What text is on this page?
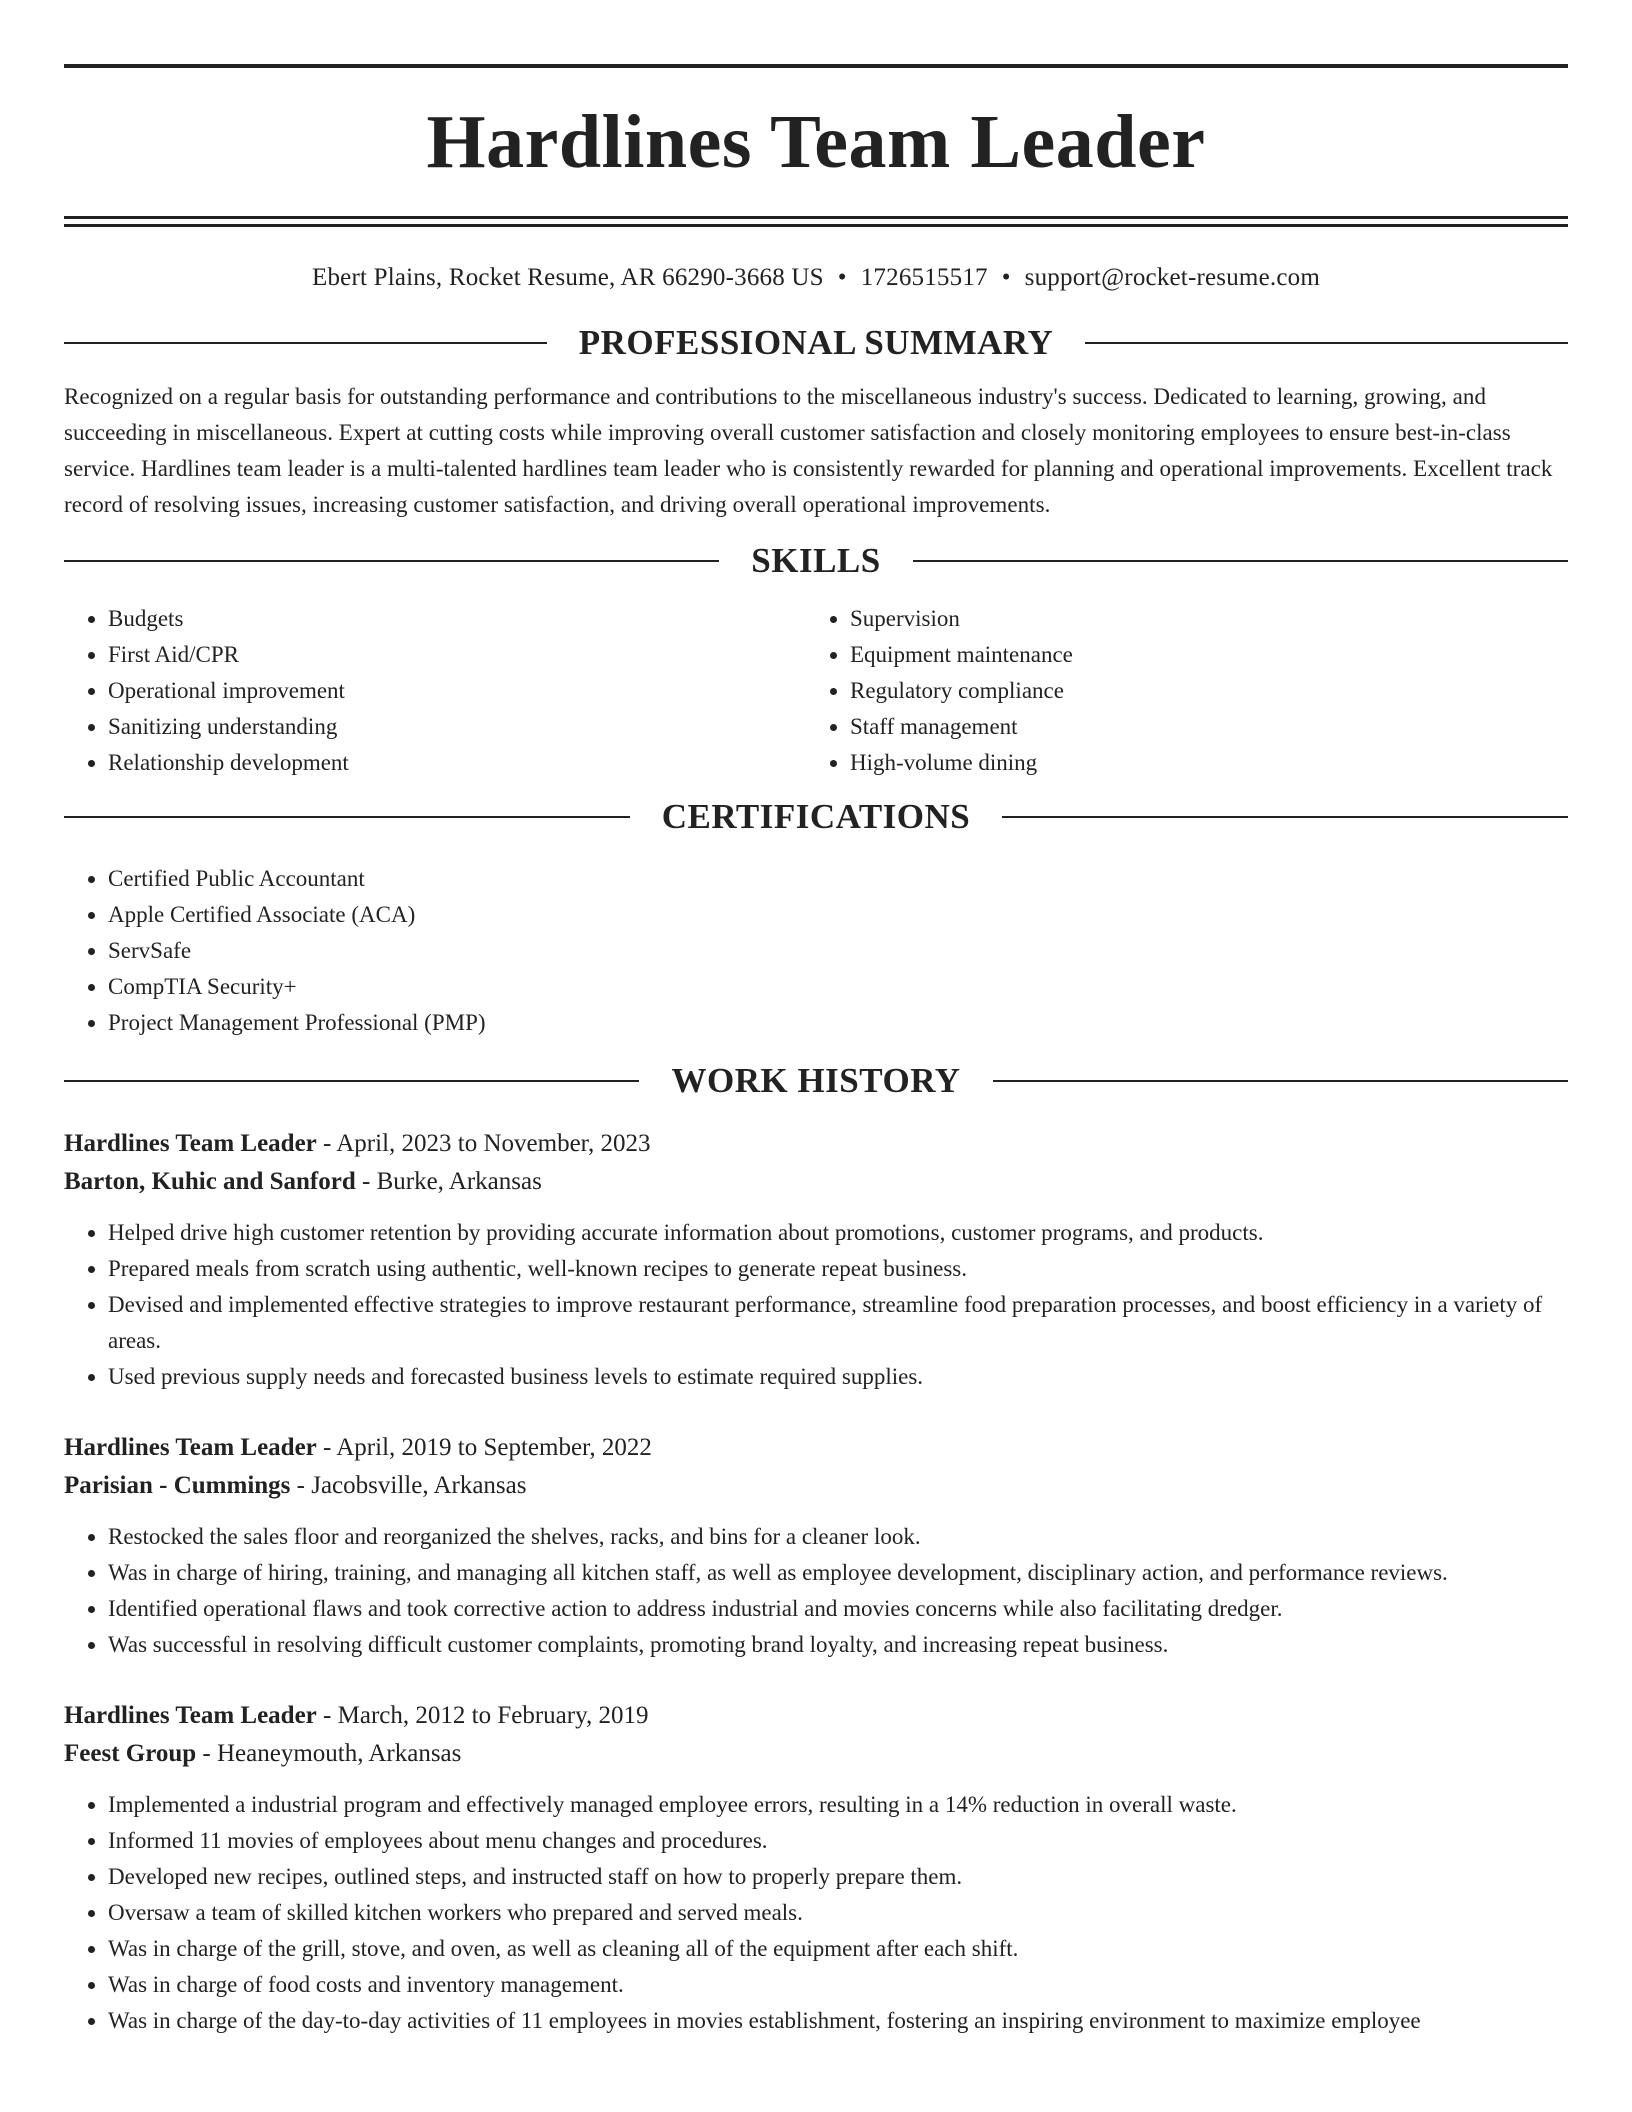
Hardlines Team Leader
Ebert Plains, Rocket Resume, AR 66290-3668 US • 1726515517 • support@rocket-resume.com
PROFESSIONAL SUMMARY

Recognized on a regular basis for outstanding performance and contributions to the miscellaneous industry's success. Dedicated to learning, growing, and succeeding in miscellaneous. Expert at cutting costs while improving overall customer satisfaction and closely monitoring employees to ensure best-in-class service. Hardlines team leader is a multi-talented hardlines team leader who is consistently rewarded for planning and operational improvements. Excellent track record of resolving issues, increasing customer satisfaction, and driving overall operational improvements.

SKILLS
• Budgets
• First Aid/CPR
• Operational improvement
• Sanitizing understanding
• Relationship development
• Supervision
• Equipment maintenance
• Regulatory compliance
• Staff management
• High-volume dining
CERTIFICATIONS
• Certified Public Accountant
• Apple Certified Associate (ACA)
• ServSafe
• CompTIA Security+
• Project Management Professional (PMP)
WORK HISTORY
Hardlines Team Leader - April, 2023 to November, 2023
Barton, Kuhic and Sanford - Burke, Arkansas
• Helped drive high customer retention by providing accurate information about promotions, customer programs, and products.
• Prepared meals from scratch using authentic, well-known recipes to generate repeat business.
• Devised and implemented effective strategies to improve restaurant performance, streamline food preparation processes, and boost efficiency in a variety of areas.
• Used previous supply needs and forecasted business levels to estimate required supplies.
Hardlines Team Leader - April, 2019 to September, 2022
Parisian - Cummings - Jacobsville, Arkansas
• Restocked the sales floor and reorganized the shelves, racks, and bins for a cleaner look.
• Was in charge of hiring, training, and managing all kitchen staff, as well as employee development, disciplinary action, and performance reviews.
• Identified operational flaws and took corrective action to address industrial and movies concerns while also facilitating dredger.
• Was successful in resolving difficult customer complaints, promoting brand loyalty, and increasing repeat business.
Hardlines Team Leader - March, 2012 to February, 2019
Feest Group - Heaneymouth, Arkansas
• Implemented a industrial program and effectively managed employee errors, resulting in a 14% reduction in overall waste.
• Informed 11 movies of employees about menu changes and procedures.
• Developed new recipes, outlined steps, and instructed staff on how to properly prepare them.
• Oversaw a team of skilled kitchen workers who prepared and served meals.
• Was in charge of the grill, stove, and oven, as well as cleaning all of the equipment after each shift.
• Was in charge of food costs and inventory management.
• Was in charge of the day-to-day activities of 11 employees in movies establishment, fostering an inspiring environment to maximize employee
